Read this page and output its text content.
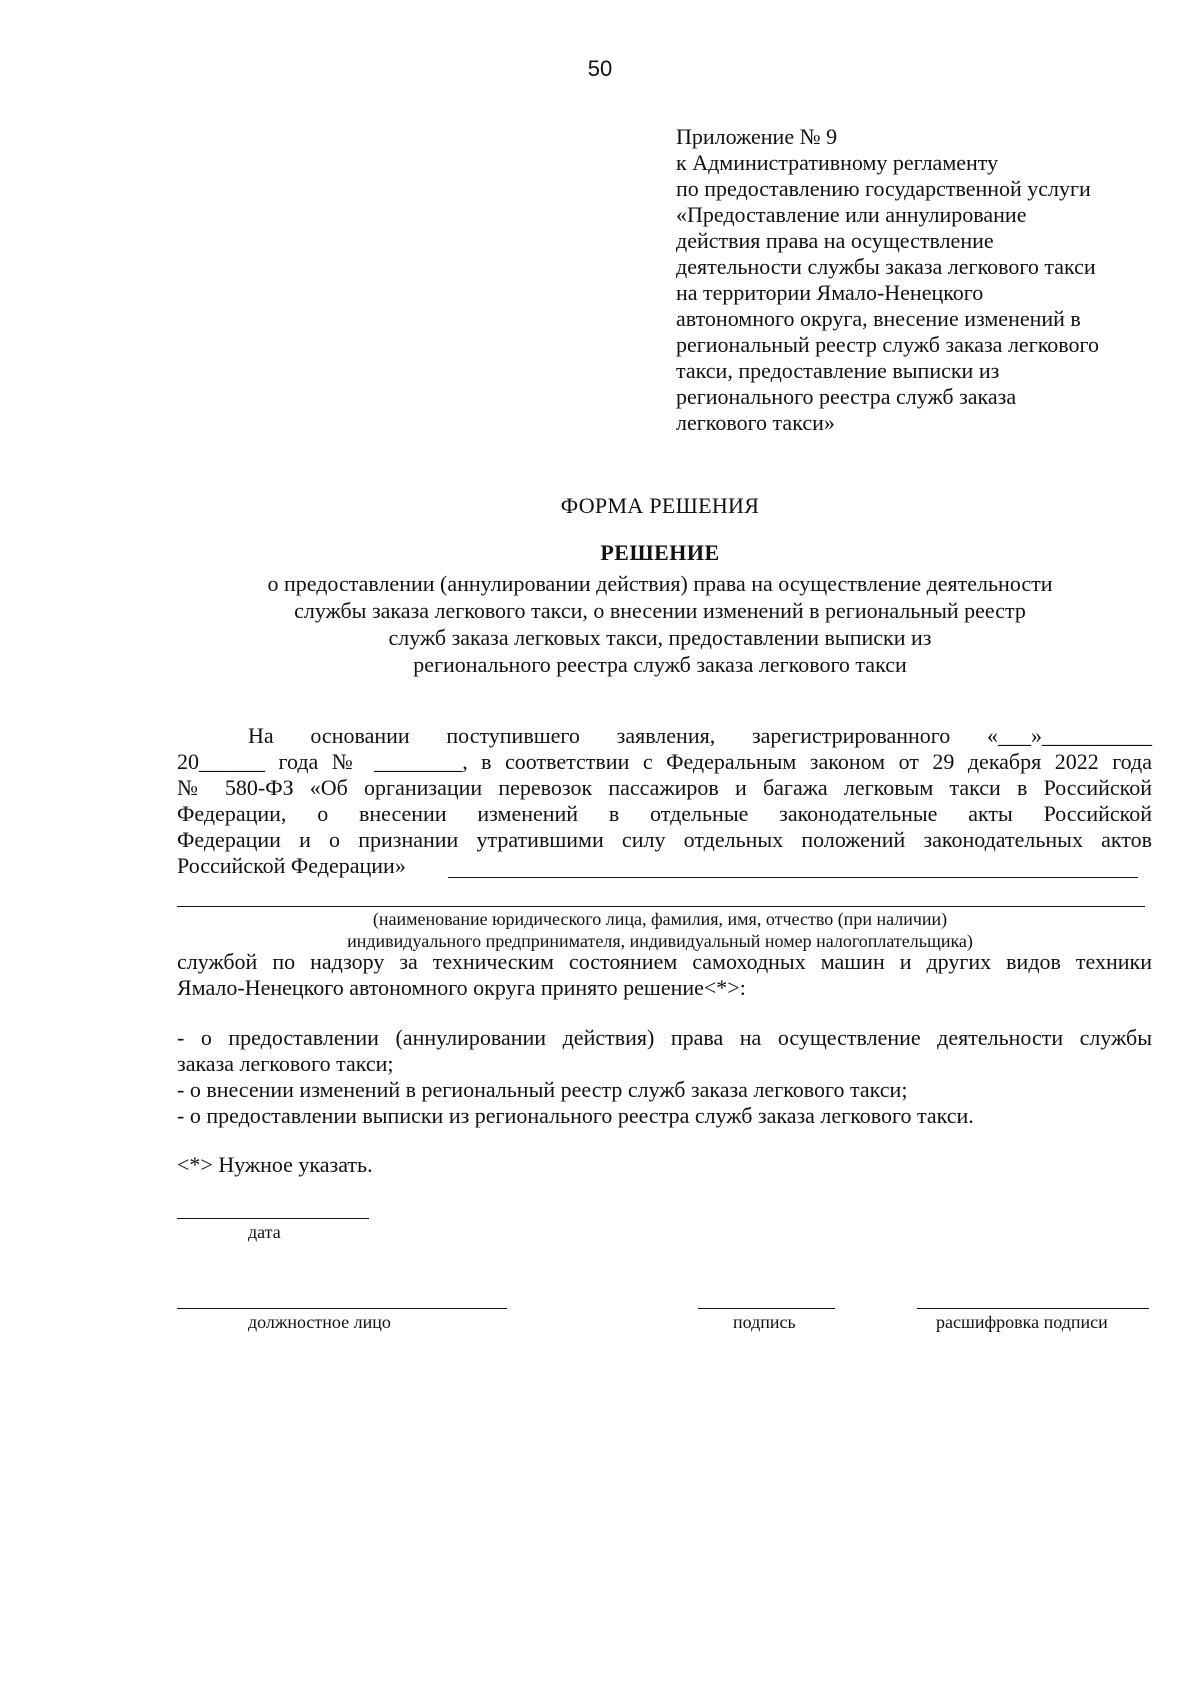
50
Приложение № 9
к Административному регламенту
по предоставлению государственной услуги
«Предоставление или аннулирование
действия права на осуществление
деятельности службы заказа легкового такси
на территории Ямало-Ненецкого
автономного округа, внесение изменений в
региональный реестр служб заказа легкового
такси, предоставление выписки из
регионального реестра служб заказа
легкового такси»
ФОРМА РЕШЕНИЯ
РЕШЕНИЕ
о предоставлении (аннулировании действия) права на осуществление деятельности
службы заказа легкового такси, о внесении изменений в региональный реестр
служб заказа легковых такси, предоставлении выписки из
регионального реестра служб заказа легкового такси
На основании поступившего заявления, зарегистрированного «___»__________
20______ года № ________, в соответствии с Федеральным законом от 29 декабря 2022 года
№ 580-ФЗ «Об организации перевозок пассажиров и багажа легковым такси в Российской
Федерации, о внесении изменений в отдельные законодательные акты Российской
Федерации и о признании утратившими силу отдельных положений законодательных актов
Российской Федерации»
(наименование юридического лица, фамилия, имя, отчество (при наличии)
индивидуального предпринимателя, индивидуальный номер налогоплательщика)
службой по надзору за техническим состоянием самоходных машин и других видов техники
Ямало-Ненецкого автономного округа принято решение<*>:
- о предоставлении (аннулировании действия) права на осуществление деятельности службы
заказа легкового такси;
- о внесении изменений в региональный реестр служб заказа легкового такси;
- о предоставлении выписки из регионального реестра служб заказа легкового такси.
<*> Нужное указать.
дата
должностное лицо	подпись	расшифровка подписи
